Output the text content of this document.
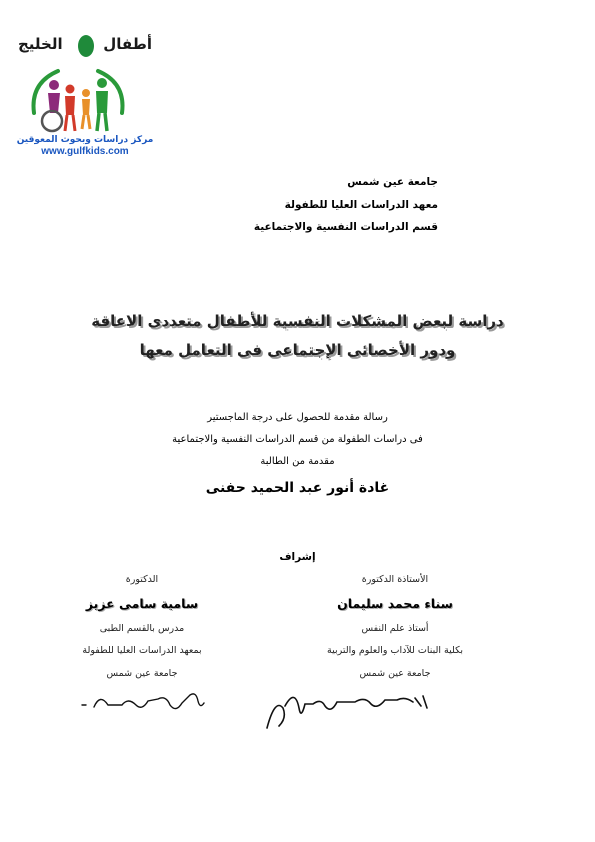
الخليج	أطفال
مركز دراسات وبحوث المعوقين
www.gulfkids.com
جامعة عين شمس
معهد الدراسات العليا للطفولة
قسم الدراسات النفسية والاجتماعية
دراسة لبعض المشكلات النفسية للأطفال متعددى الاعاقة
ودور الأخصائى الإجتماعى فى التعامل معها
رسالة مقدمة للحصول على درجة الماجستير
فى دراسات الطفولة من قسم الدراسات النفسية والاجتماعية
مقدمة من الطالبة
غادة أنور عبد الحميد حفنى
إشراف
الأستاذة الدكتورة
سناء محمد سليمان
أستاذ علم النفس
بكلية البنات للآداب والعلوم والتربية
جامعة عين شمس
الدكتورة
سامية سامى عزيز
مدرس بالقسم الطبى
بمعهد الدراسات العليا للطفولة
جامعة عين شمس
